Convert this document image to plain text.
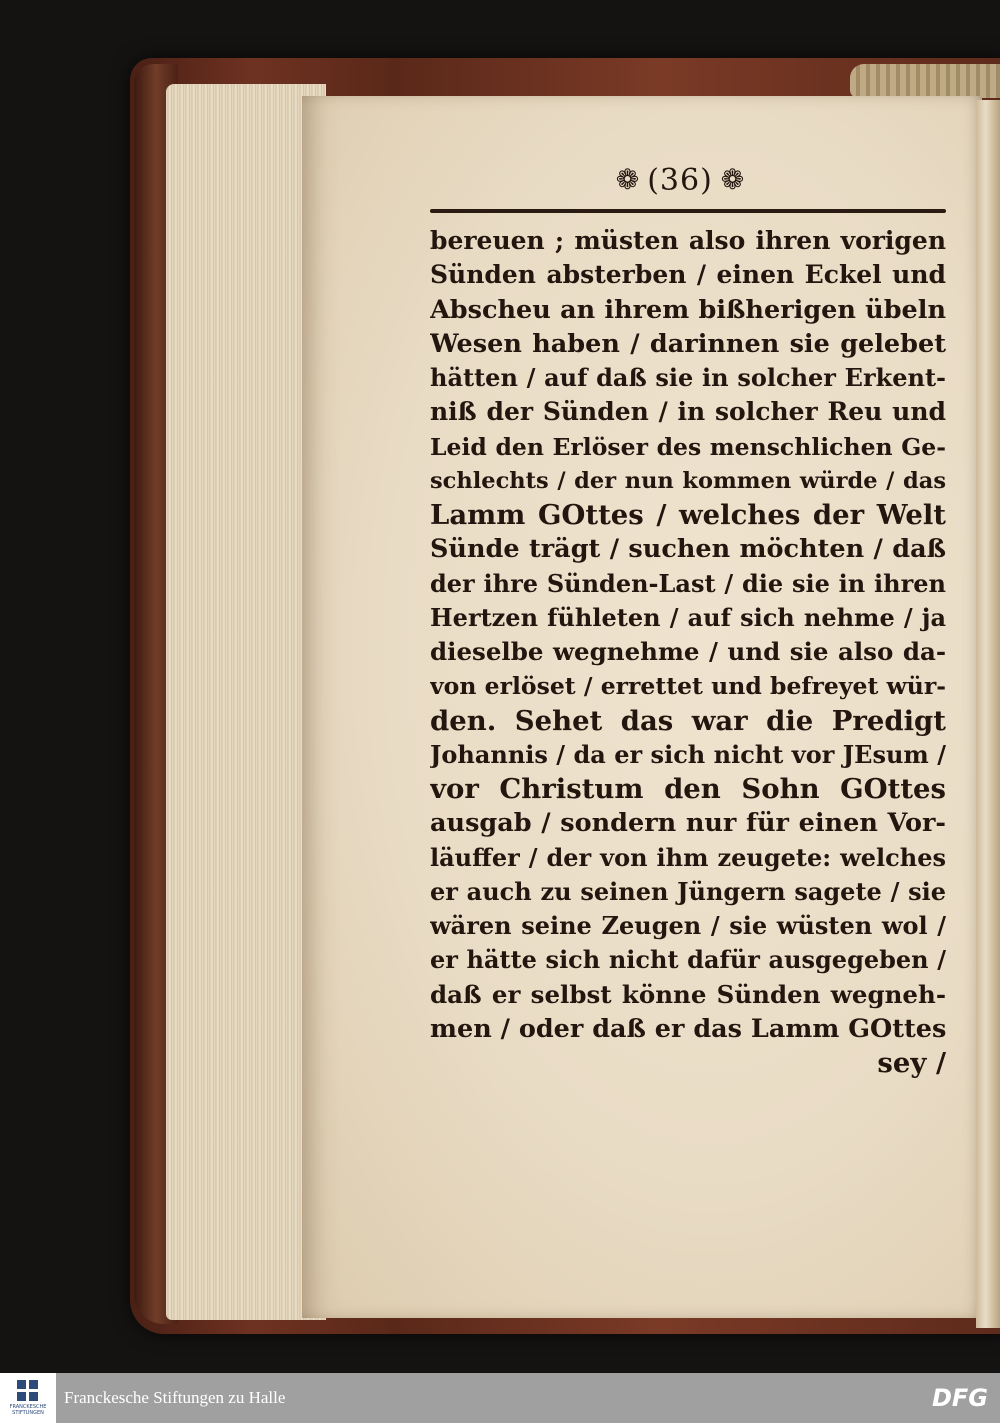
❁ (36) ❁
bereuen ; müsten also ihren vorigen
Sünden absterben / einen Eckel und
Abscheu an ihrem bißherigen übeln
Wesen haben / darinnen sie gelebet
hätten / auf daß sie in solcher Erkent-
niß der Sünden / in solcher Reu und
Leid den Erlöser des menschlichen Ge-
schlechts / der nun kommen würde / das
Lamm GOttes / welches der Welt
Sünde trägt / suchen möchten / daß
der ihre Sünden-Last / die sie in ihren
Hertzen fühleten / auf sich nehme / ja
dieselbe wegnehme / und sie also da-
von erlöset / errettet und befreyet wür-
den. Sehet das war die Predigt
Johannis / da er sich nicht vor JEsum /
vor Christum den Sohn GOttes
ausgab / sondern nur für einen Vor-
läuffer / der von ihm zeugete: welches
er auch zu seinen Jüngern sagete / sie
wären seine Zeugen / sie wüsten wol /
er hätte sich nicht dafür ausgegeben /
daß er selbst könne Sünden wegneh-
men / oder daß er das Lamm GOttes
sey /
FRANCKESCHE STIFTUNGEN
Franckesche Stiftungen zu Halle	DFG
